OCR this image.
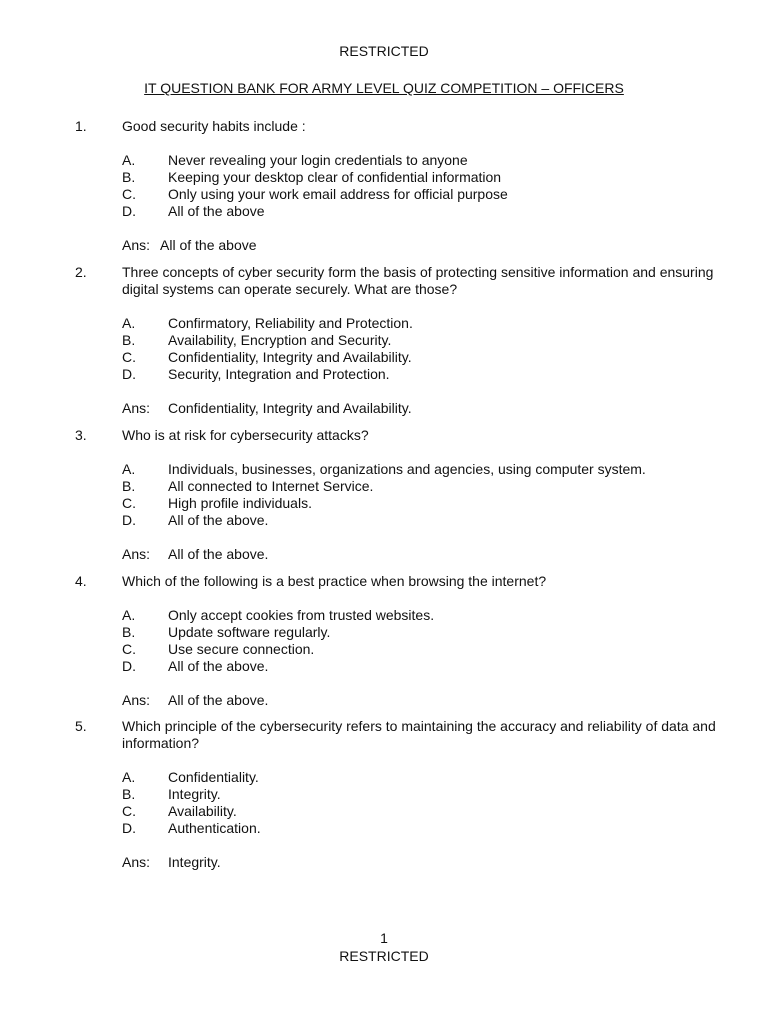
RESTRICTED
IT QUESTION BANK FOR ARMY LEVEL QUIZ COMPETITION – OFFICERS
1.	Good security habits include :
A. Never revealing your login credentials to anyone
B. Keeping your desktop clear of confidential information
C. Only using your work email address for official purpose
D. All of the above
Ans: All of the above
2.	Three concepts of cyber security form the basis of protecting sensitive information and ensuring digital systems can operate securely. What are those?
A. Confirmatory, Reliability and Protection.
B. Availability, Encryption and Security.
C. Confidentiality, Integrity and Availability.
D. Security, Integration and Protection.
Ans: Confidentiality, Integrity and Availability.
3.	Who is at risk for cybersecurity attacks?
A. Individuals, businesses, organizations and agencies, using computer system.
B. All connected to Internet Service.
C. High profile individuals.
D. All of the above.
Ans: All of the above.
4.	Which of the following is a best practice when browsing the internet?
A. Only accept cookies from trusted websites.
B. Update software regularly.
C. Use secure connection.
D. All of the above.
Ans: All of the above.
5.	Which principle of the cybersecurity refers to maintaining the accuracy and reliability of data and information?
A. Confidentiality.
B. Integrity.
C. Availability.
D. Authentication.
Ans: Integrity.
1
RESTRICTED
